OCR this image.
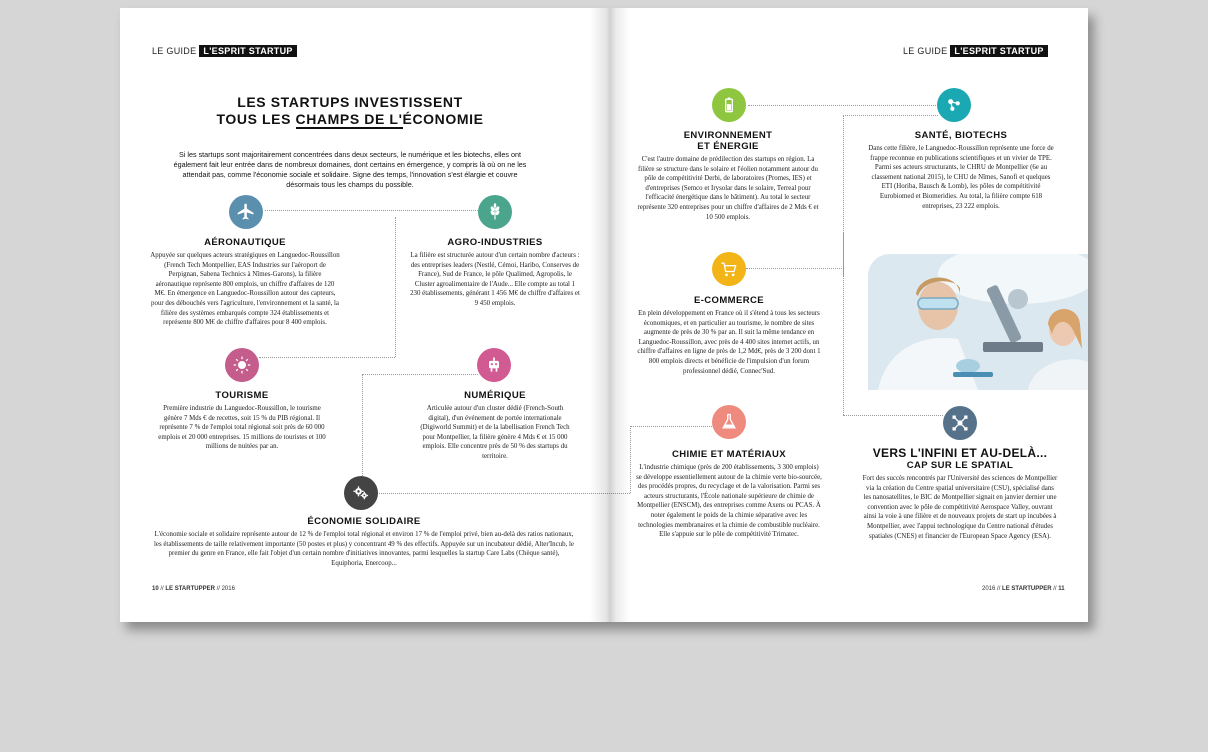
LE GUIDE L'ESPRIT STARTUP	LE GUIDE L'ESPRIT STARTUP
LES STARTUPS INVESTISSENT
TOUS LES CHAMPS DE L'ÉCONOMIE
Si les startups sont majoritairement concentrées dans deux secteurs, le numérique et les biotechs, elles ont également fait leur entrée dans de nombreux domaines, dont certains en émergence, y compris là où on ne les attendait pas, comme l'économie sociale et solidaire. Signe des temps, l'innovation s'est élargie et couvre désormais tous les champs du possible.
AÉRONAUTIQUE
Appuyée sur quelques acteurs stratégiques en Languedoc-Roussillon (French Tech Montpellier, EAS Industries sur l'aéroport de Perpignan, Sabena Technics à Nîmes-Garons), la filière aéronautique représente 800 emplois, un chiffre d'affaires de 120 M€. En émergence en Languedoc-Roussillon autour des capteurs, pour des débouchés vers l'agriculture, l'environnement et la santé, la filière des systèmes embarqués compte 324 établissements et représente 800 M€ de chiffre d'affaires pour 8 400 emplois.
AGRO-INDUSTRIES
La filière est structurée autour d'un certain nombre d'acteurs : des entreprises leaders (Nestlé, Cémoi, Haribo, Conserves de France), Sud de France, le pôle Qualimed, Agropolis, le Cluster agroalimentaire de l'Aude... Elle compte au total 1 230 établissements, générant 1 456 M€ de chiffre d'affaires et 9 450 emplois.
TOURISME
Première industrie du Languedoc-Roussillon, le tourisme génère 7 Mds € de recettes, soit 15 % du PIB régional. Il représente 7 % de l'emploi total régional soit près de 60 000 emplois et 20 000 entreprises. 15 millions de touristes et 100 millions de nuitées par an.
NUMÉRIQUE
Articulée autour d'un cluster dédié (French-South digital), d'un événement de portée internationale (Digiworld Summit) et de la labellisation French Tech pour Montpellier, la filière génère 4 Mds € et 15 000 emplois. Elle concentre près de 50 % des startups du territoire.
ÉCONOMIE SOLIDAIRE
L'économie sociale et solidaire représente autour de 12 % de l'emploi total régional et environ 17 % de l'emploi privé, bien au-delà des ratios nationaux, les établissements de taille relativement importante (50 postes et plus) y concentrant 49 % des effectifs. Appuyée sur un incubateur dédié, Alter'Incub, le premier du genre en France, elle fait l'objet d'un certain nombre d'initiatives innovantes, parmi lesquelles la startup Care Labs (Chèque santé), Equiphoria, Enercoop...
10 // LE STARTUPPER // 2016
ENVIRONNEMENT
ET ÉNERGIE
C'est l'autre domaine de prédilection des startups en région. La filière se structure dans le solaire et l'éolien notamment autour du pôle de compétitivité Derbi, de laboratoires (Promes, IES) et d'entreprises (Semco et Irysolar dans le solaire, Terreal pour l'efficacité énergétique dans le bâtiment). Au total le secteur représente 320 entreprises pour un chiffre d'affaires de 2 Mds € et 10 500 emplois.
SANTÉ, BIOTECHS
Dans cette filière, le Languedoc-Roussillon représente une force de frappe reconnue en publications scientifiques et un vivier de TPE. Parmi ses acteurs structurants, le CHRU de Montpellier (6e au classement national 2015), le CHU de Nîmes, Sanofi et quelques ETI (Horiba, Bausch & Lomb), les pôles de compétitivité Eurobiomed et Biomeridies. Au total, la filière compte 618 entreprises, 23 222 emplois.
E-COMMERCE
En plein développement en France où il s'étend à tous les secteurs économiques, et en particulier au tourisme, le nombre de sites augmente de près de 30 % par an. Il suit la même tendance en Languedoc-Roussillon, avec près de 4 400 sites internet actifs, un chiffre d'affaires en ligne de près de 1,2 Md€, près de 3 200 dont 1 800 emplois directs et bénéficie de l'impulsion d'un forum professionnel dédié, Connec'Sud.
CHIMIE ET MATÉRIAUX
L'industrie chimique (près de 200 établissements, 3 300 emplois) se développe essentiellement autour de la chimie verte bio-sourcée, des procédés propres, du recyclage et de la valorisation. Parmi ses acteurs structurants, l'École nationale supérieure de chimie de Montpellier (ENSCM), des entreprises comme Axens ou PCAS. À noter également le poids de la chimie séparative avec les technologies membranaires et la chimie de combustible nucléaire. Elle s'appuie sur le pôle de compétitivité Trimatec.
VERS L'INFINI ET AU-DELÀ...
CAP SUR LE SPATIAL
Fort des succès rencontrés par l'Université des sciences de Montpellier via la création du Centre spatial universitaire (CSU), spécialisé dans les nanosatellites, le BIC de Montpellier signait en janvier dernier une convention avec le pôle de compétitivité Aerospace Valley, ouvrant ainsi la voie à une filière et de nouveaux projets de start up incubées à Montpellier, avec l'appui technologique du Centre national d'études spatiales (CNES) et financier de l'European Space Agency (ESA).
2016 // LE STARTUPPER // 11
